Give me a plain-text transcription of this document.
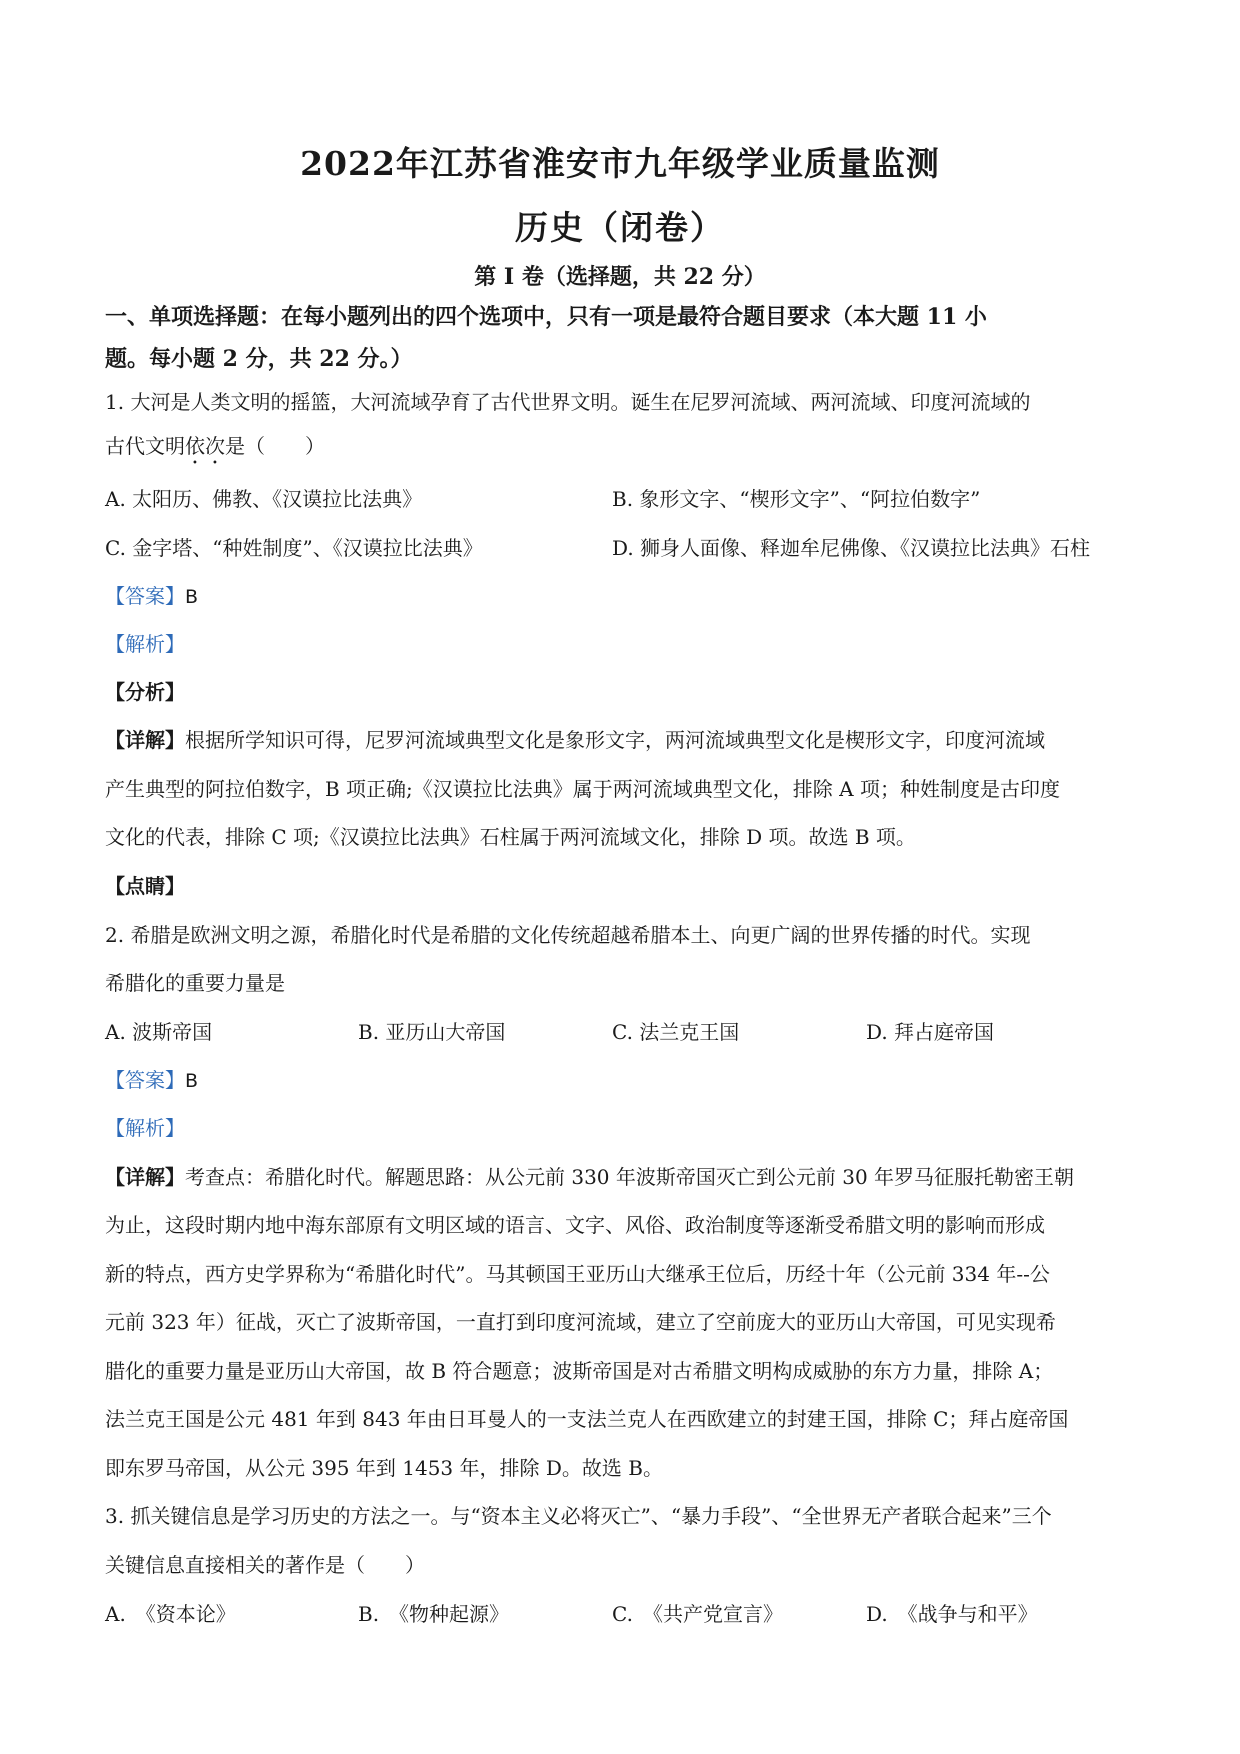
2022年江苏省淮安市九年级学业质量监测
历史（闭卷）
第 I 卷（选择题，共 22 分）
一、单项选择题：在每小题列出的四个选项中，只有一项是最符合题目要求（本大题 11 小
题。每小题 2 分，共 22 分。）
1. 大河是人类文明的摇篮，大河流域孕育了古代世界文明。诞生在尼罗河流域、两河流域、印度河流域的
古代文明依次是（　　）
A. 太阳历、佛教、《汉谟拉比法典》	B. 象形文字、“楔形文字”、“阿拉伯数字”
C. 金字塔、“种姓制度”、《汉谟拉比法典》	D. 狮身人面像、释迦牟尼佛像、《汉谟拉比法典》石柱
【答案】B
【解析】
【分析】
【详解】根据所学知识可得，尼罗河流域典型文化是象形文字，两河流域典型文化是楔形文字，印度河流域
产生典型的阿拉伯数字，B 项正确;《汉谟拉比法典》属于两河流域典型文化，排除 A 项；种姓制度是古印度
文化的代表，排除 C 项;《汉谟拉比法典》石柱属于两河流域文化，排除 D 项。故选 B 项。
【点睛】
2. 希腊是欧洲文明之源，希腊化时代是希腊的文化传统超越希腊本土、向更广阔的世界传播的时代。实现
希腊化的重要力量是
A. 波斯帝国	B. 亚历山大帝国	C. 法兰克王国	D. 拜占庭帝国
【答案】B
【解析】
【详解】考查点：希腊化时代。解题思路：从公元前 330 年波斯帝国灭亡到公元前 30 年罗马征服托勒密王朝
为止，这段时期内地中海东部原有文明区域的语言、文字、风俗、政治制度等逐渐受希腊文明的影响而形成
新的特点，西方史学界称为“希腊化时代”。马其顿国王亚历山大继承王位后，历经十年（公元前 334 年--公
元前 323 年）征战，灭亡了波斯帝国，一直打到印度河流域，建立了空前庞大的亚历山大帝国，可见实现希
腊化的重要力量是亚历山大帝国，故 B 符合题意；波斯帝国是对古希腊文明构成威胁的东方力量，排除 A；
法兰克王国是公元 481 年到 843 年由日耳曼人的一支法兰克人在西欧建立的封建王国，排除 C；拜占庭帝国
即东罗马帝国，从公元 395 年到 1453 年，排除 D。故选 B。
3. 抓关键信息是学习历史的方法之一。与“资本主义必将灭亡”、“暴力手段”、“全世界无产者联合起来”三个
关键信息直接相关的著作是（　　）
A.　《资本论》	B.　《物种起源》	C.　《共产党宣言》	D.　《战争与和平》
